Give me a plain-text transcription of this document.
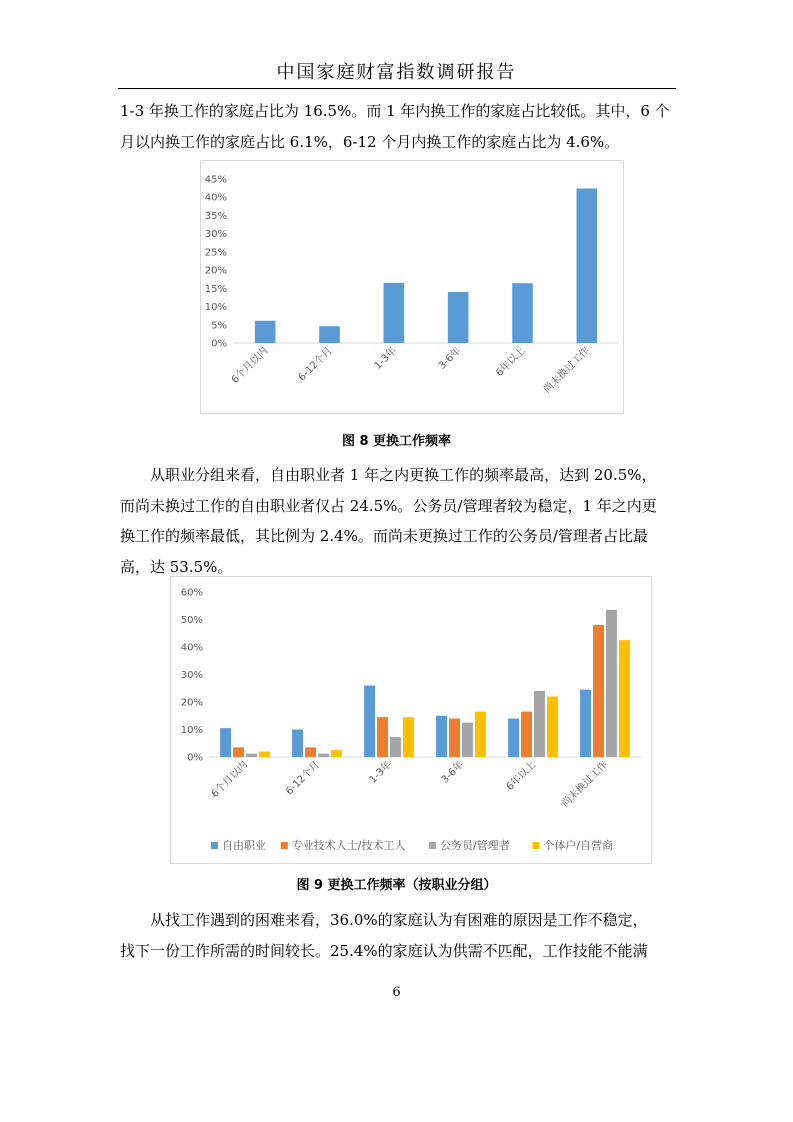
中国家庭财富指数调研报告
1-3 年换工作的家庭占比为 16.5%。而 1 年内换工作的家庭占比较低。其中，6 个
月以内换工作的家庭占比 6.1%，6-12 个月内换工作的家庭占比为 4.6%。
0%
5%
10%
15%
20%
25%
30%
35%
40%
45%
6个月以内	6-12个月	1-3年	3-6年	6年以上 尚未换过工作
图 8 更换工作频率
从职业分组来看，自由职业者 1 年之内更换工作的频率最高，达到 20.5%，
而尚未换过工作的自由职业者仅占 24.5%。公务员/管理者较为稳定，1 年之内更
换工作的频率最低，其比例为 2.4%。而尚未更换过工作的公务员/管理者占比最
高，达 53.5%。
0%
10%
20%
30%
40%
50%
60%
6个月以内	6-12个月	1-3年	3-6年	6年以上 尚未换过工作
自由职业 专业技术人士/技术工人	公务员/管理者	个体户/自营商
图 9 更换工作频率（按职业分组）
从找工作遇到的困难来看，36.0%的家庭认为有困难的原因是工作不稳定，
找下一份工作所需的时间较长。25.4%的家庭认为供需不匹配，工作技能不能满
6
